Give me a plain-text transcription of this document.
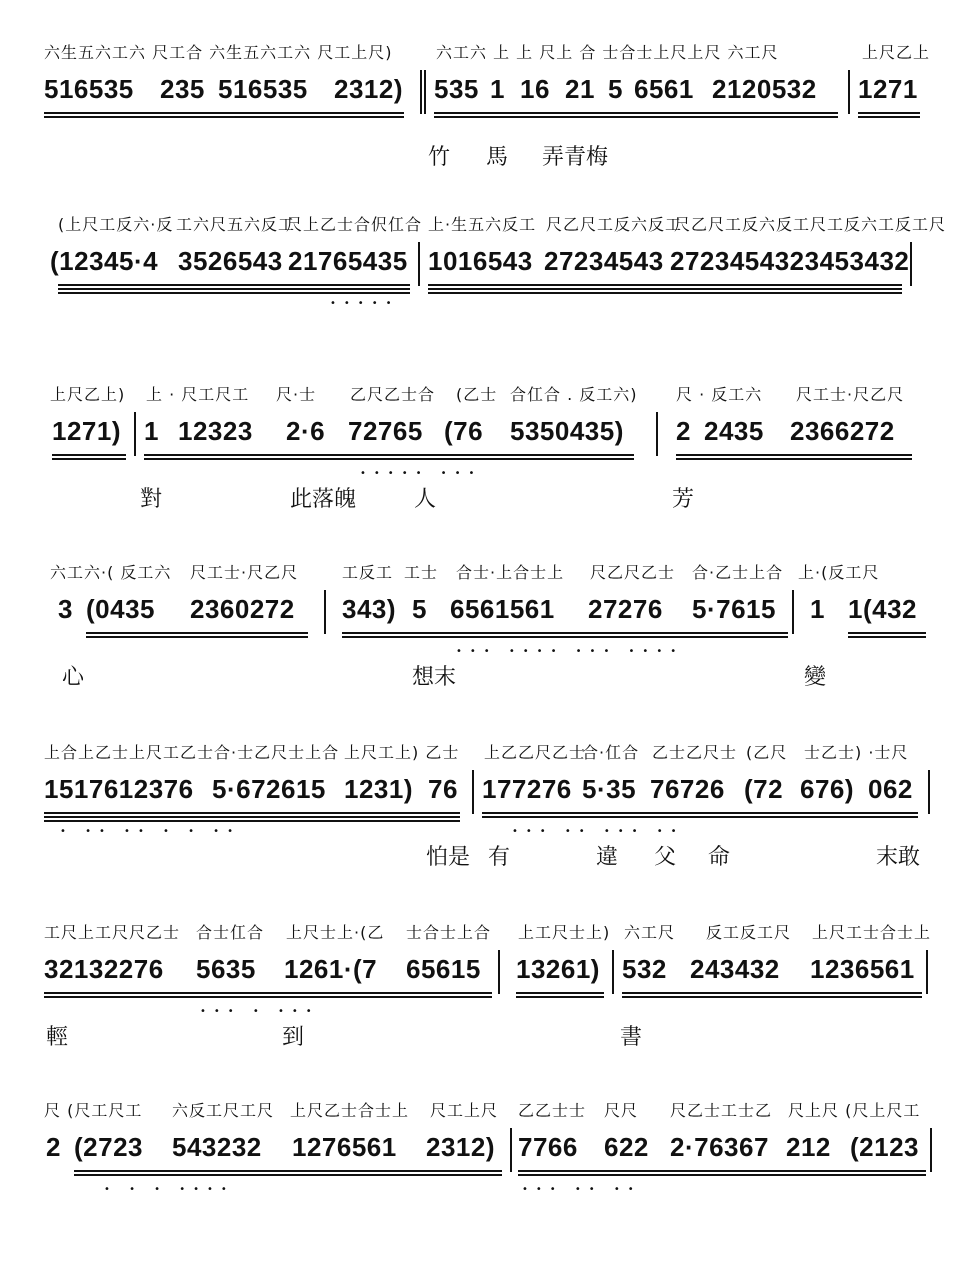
六生五六工六 尺工合 六生五六工六 尺工上尺)	六工六 上 上 尺上 合 士合士上尺上尺 六工尺	上尺乙上
516535 235 516535 2312) 535 1 16 21 5 6561 2120532 1271
竹 馬 弄青梅
(上尺工反六·反 工六尺五六反工
尺上乙士合伬仜合 上·生五六反工 尺乙尺工反六反工
尺乙尺工反六反工尺工反六工反工尺
(12345·4 3526543 21765435 1016543 27234543 2723454323453432
•••••
上尺乙上) 上 · 尺工尺工 尺·士 乙尺乙士合 (乙士 合仜合 . 反工六) 尺 · 反工六 尺工士·尺乙尺
1271) 1 12323 2·6 72765 (76 5350435) 2 2435 2366272
••••• •••
對	此落魄	人	芳
六工六·( 反工六 尺工士·尺乙尺	工反工 工士 合士·上合士上 尺乙尺乙士 合·乙士上合 上·(反工尺
3 (0435 2360272 343) 5 6561561 27276 5·7615 1 1(432
••• •••• ••• ••••
心	想末	變
上合上乙士上尺工乙士 合·士乙尺士上合 上尺工上) 乙士 上乙乙尺乙士
合·仜合 乙士乙尺士 (乙尺 士乙士) ·士尺
1517612376 5·672615 1231) 76 177276 5·35 76726 (72 676) 062
• •• •• • • ••	••• •• ••• ••
怕是 有	違 父 命	末敢
工尺上工尺尺乙士 合士仜合 上尺士上·(乙 士合士上合 上工尺士上) 六工尺 反工反工尺 上尺工士合士上
32132276 5635 1261·(7 65615 13261) 532 243432 1236561
••• • •••
輕	到	書
尺 (尺工尺工 六反工尺工尺 上尺乙士合士上 尺工上尺 乙乙士士 尺尺 尺乙士工士乙 尺上尺 (尺上尺工
2 (2723 543232 1276561 2312) 7766 622 2·76367 212 (2123
• • • ••••	••• •• ••
